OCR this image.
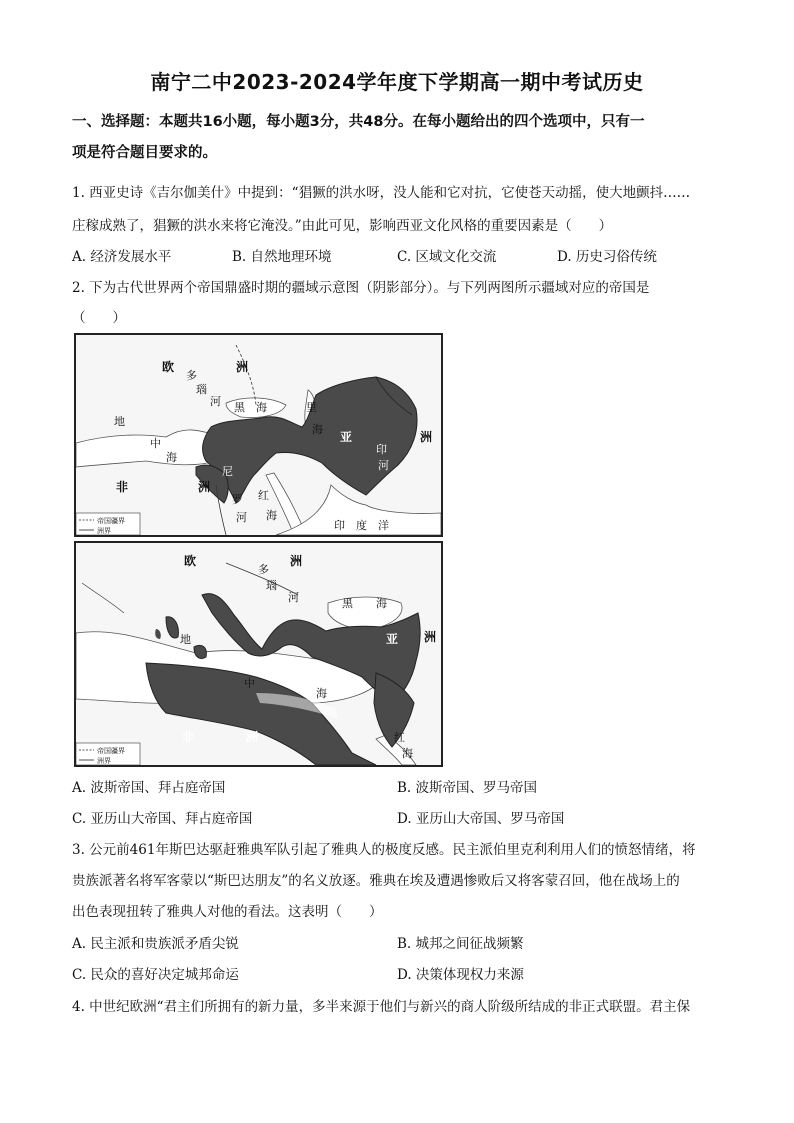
南宁二中2023-2024学年度下学期高一期中考试历史
一、选择题：本题共16小题，每小题3分，共48分。在每小题给出的四个选项中，只有一
项是符合题目要求的。
1. 西亚史诗《吉尔伽美什》中提到：“猖獗的洪水呀，没人能和它对抗，它使苍天动摇，使大地颤抖……
庄稼成熟了，猖獗的洪水来将它淹没。”由此可见，影响西亚文化风格的重要因素是（　　）
A. 经济发展水平	B. 自然地理环境	C. 区域文化交流	D. 历史习俗传统
2. 下为古代世界两个帝国鼎盛时期的疆域示意图（阴影部分）。与下列两图所示疆域对应的帝国是
（　　）
欧	洲
多
瑙
河 黑 海	里
海
亚	洲
地
中
海
非	洲
尼
罗
河
红
海
印
河
印　度　洋
帝国疆界
洲界
欧	洲
多
瑙
河	黑 海
亚 洲
地
中
海
非	洲	红
海
帝国疆界
洲界
A. 波斯帝国、拜占庭帝国	B. 波斯帝国、罗马帝国
C. 亚历山大帝国、拜占庭帝国	D. 亚历山大帝国、罗马帝国
3. 公元前461年斯巴达驱赶雅典军队引起了雅典人的极度反感。民主派伯里克利利用人们的愤怒情绪，将
贵族派著名将军客蒙以“斯巴达朋友”的名义放逐。雅典在埃及遭遇惨败后又将客蒙召回，他在战场上的
出色表现扭转了雅典人对他的看法。这表明（　　）
A. 民主派和贵族派矛盾尖锐	B. 城邦之间征战频繁
C. 民众的喜好决定城邦命运	D. 决策体现权力来源
4. 中世纪欧洲“君主们所拥有的新力量，多半来源于他们与新兴的商人阶级所结成的非正式联盟。君主保
